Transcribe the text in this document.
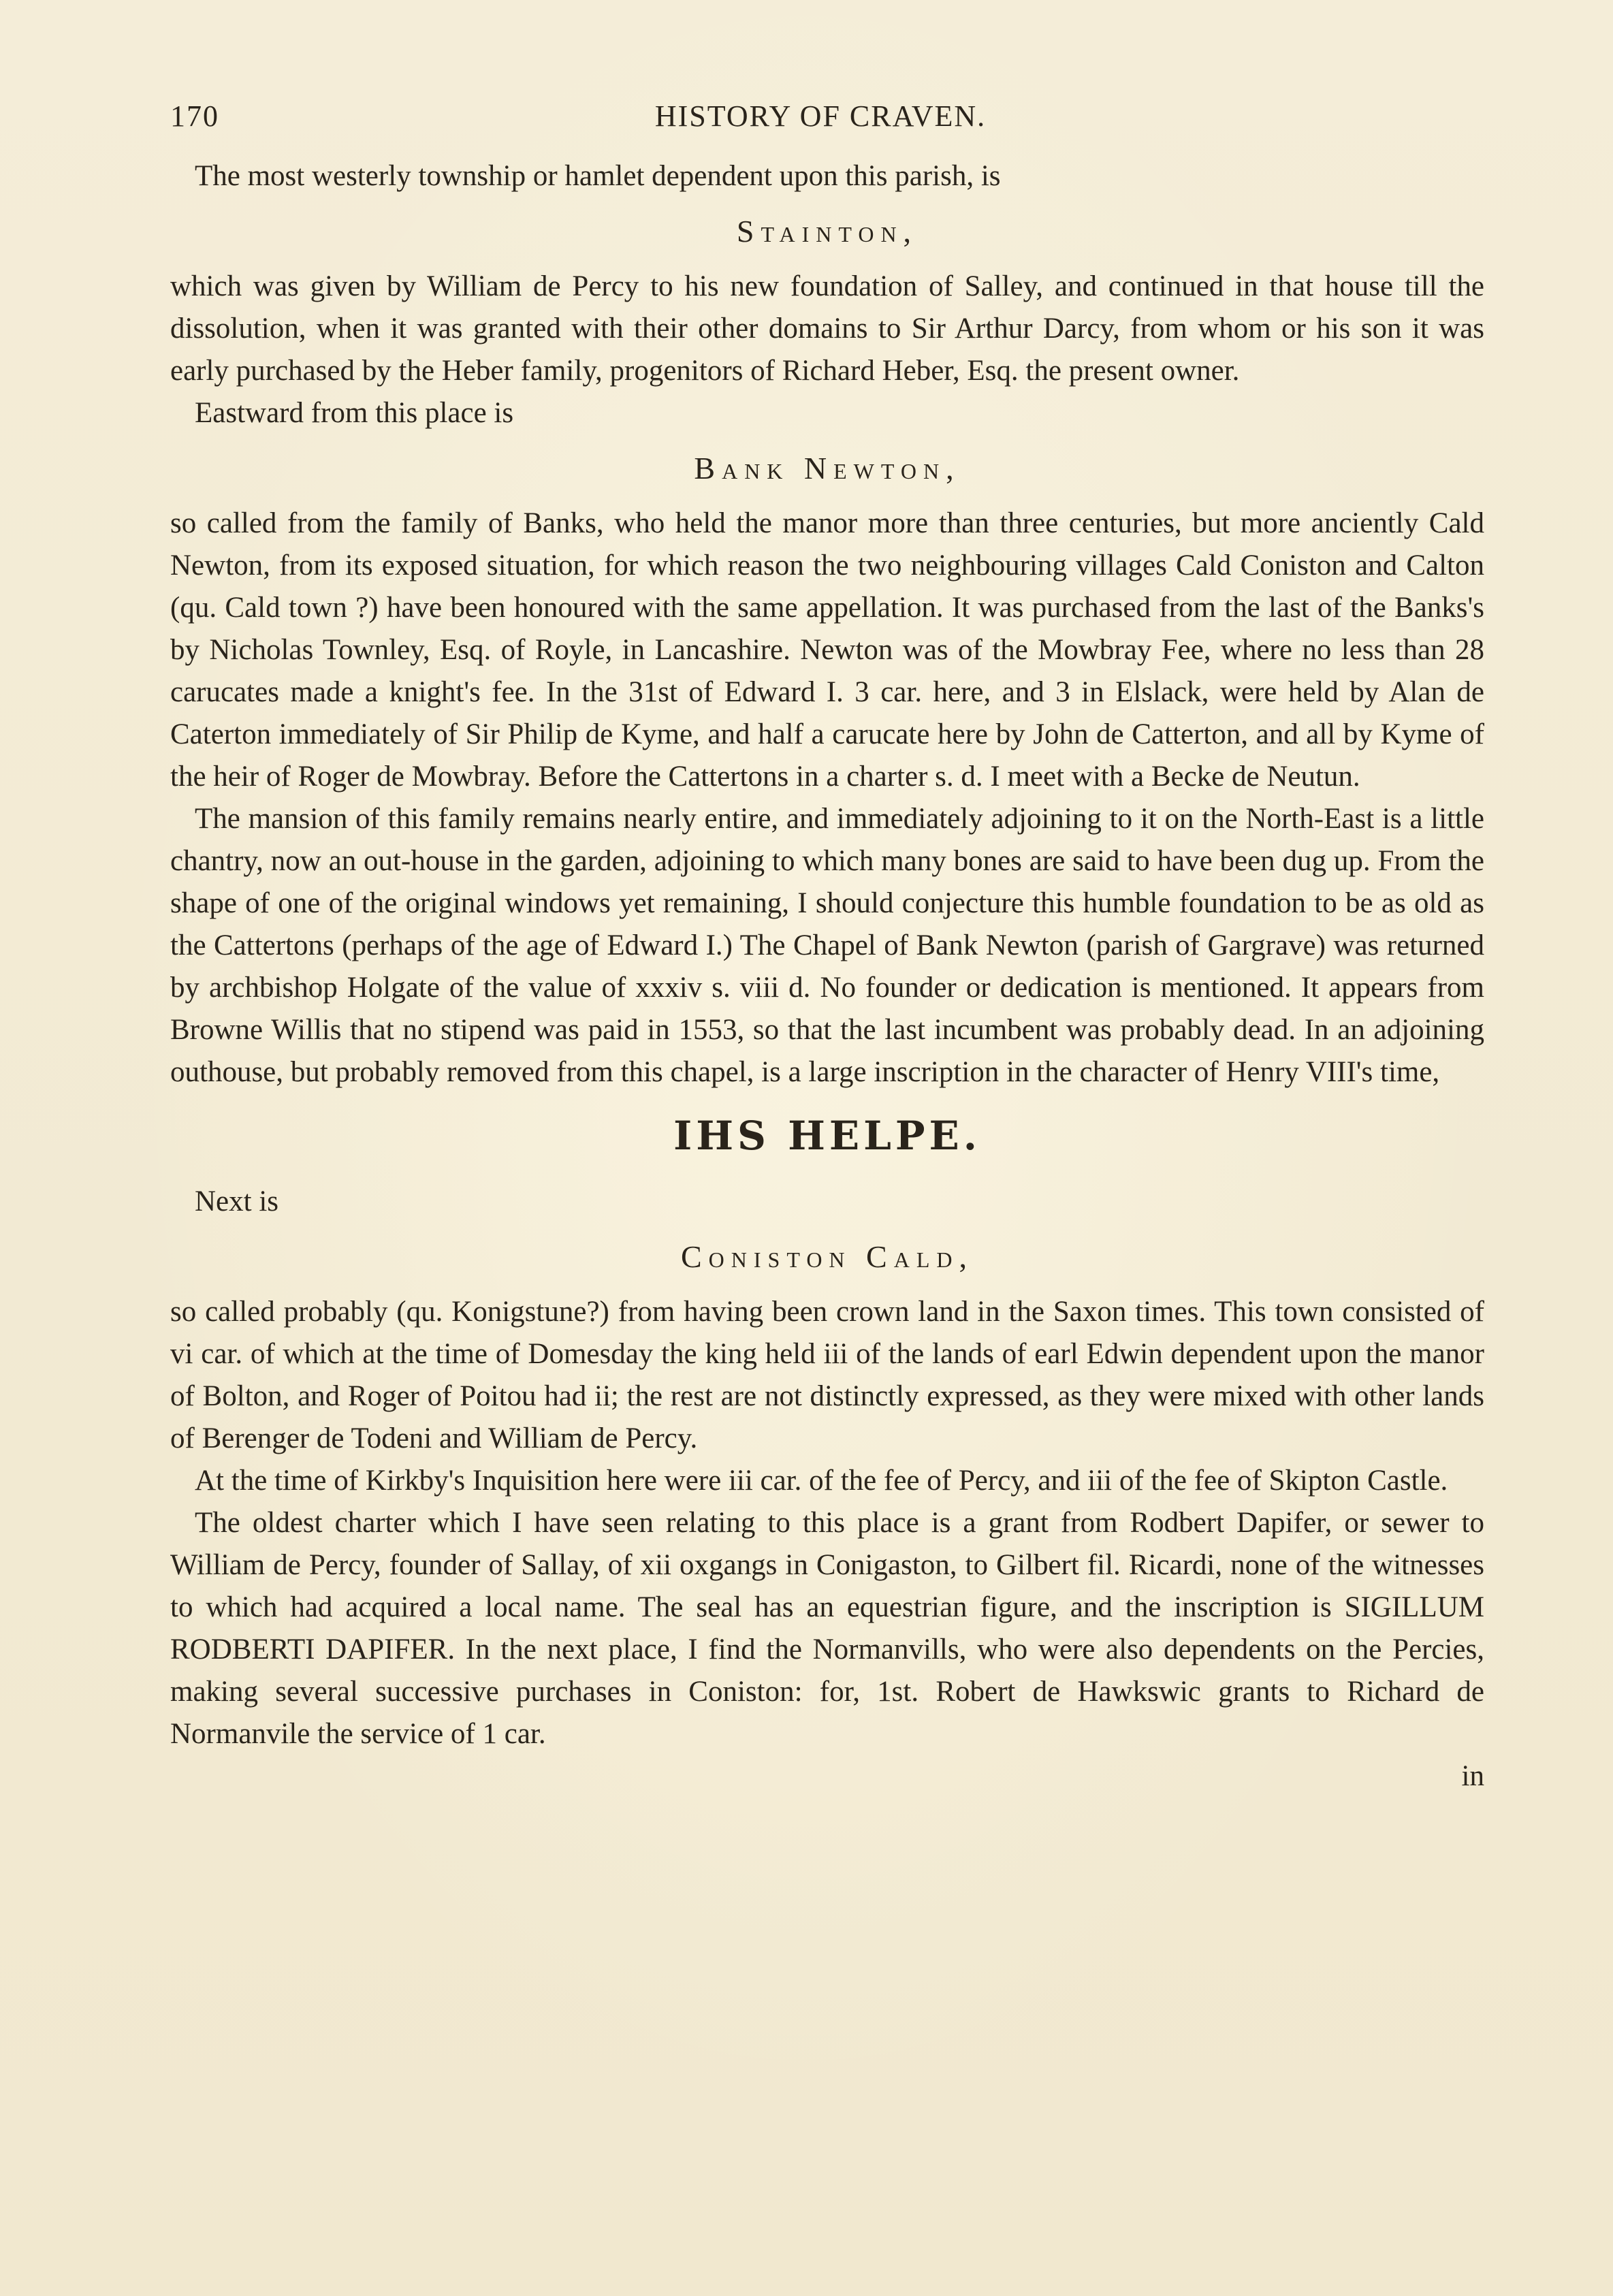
170	HISTORY OF CRAVEN.

The most westerly township or hamlet dependent upon this parish, is

Stainton,

which was given by William de Percy to his new foundation of Salley, and continued in that house till the dissolution, when it was granted with their other domains to Sir Arthur Darcy, from whom or his son it was early purchased by the Heber family, progenitors of Richard Heber, Esq. the present owner.

Eastward from this place is

Bank Newton,

so called from the family of Banks, who held the manor more than three centuries, but more anciently Cald Newton, from its exposed situation, for which reason the two neighbouring villages Cald Coniston and Calton (qu. Cald town ?) have been honoured with the same appellation. It was purchased from the last of the Banks's by Nicholas Townley, Esq. of Royle, in Lancashire. Newton was of the Mowbray Fee, where no less than 28 carucates made a knight's fee. In the 31st of Edward I. 3 car. here, and 3 in Elslack, were held by Alan de Caterton immediately of Sir Philip de Kyme, and half a carucate here by John de Catterton, and all by Kyme of the heir of Roger de Mowbray. Before the Cattertons in a charter s. d. I meet with a Becke de Neutun.

The mansion of this family remains nearly entire, and immediately adjoining to it on the North-East is a little chantry, now an out-house in the garden, adjoining to which many bones are said to have been dug up. From the shape of one of the original windows yet remaining, I should conjecture this humble foundation to be as old as the Cattertons (perhaps of the age of Edward I.) The Chapel of Bank Newton (parish of Gargrave) was returned by archbishop Holgate of the value of xxxiv s. viii d. No founder or dedication is mentioned. It appears from Browne Willis that no stipend was paid in 1553, so that the last incumbent was probably dead. In an adjoining outhouse, but probably removed from this chapel, is a large inscription in the character of Henry VIII's time,

IHS HELPE.

Next is

Coniston Cald,

so called probably (qu. Konigstune?) from having been crown land in the Saxon times. This town consisted of vi car. of which at the time of Domesday the king held iii of the lands of earl Edwin dependent upon the manor of Bolton, and Roger of Poitou had ii; the rest are not distinctly expressed, as they were mixed with other lands of Berenger de Todeni and William de Percy.

At the time of Kirkby's Inquisition here were iii car. of the fee of Percy, and iii of the fee of Skipton Castle.

The oldest charter which I have seen relating to this place is a grant from Rodbert Dapifer, or sewer to William de Percy, founder of Sallay, of xii oxgangs in Conigaston, to Gilbert fil. Ricardi, none of the witnesses to which had acquired a local name. The seal has an equestrian figure, and the inscription is SIGILLUM RODBERTI DAPIFER. In the next place, I find the Normanvills, who were also dependents on the Percies, making several successive purchases in Coniston: for, 1st. Robert de Hawkswic grants to Richard de Normanvile the service of 1 car.

in
